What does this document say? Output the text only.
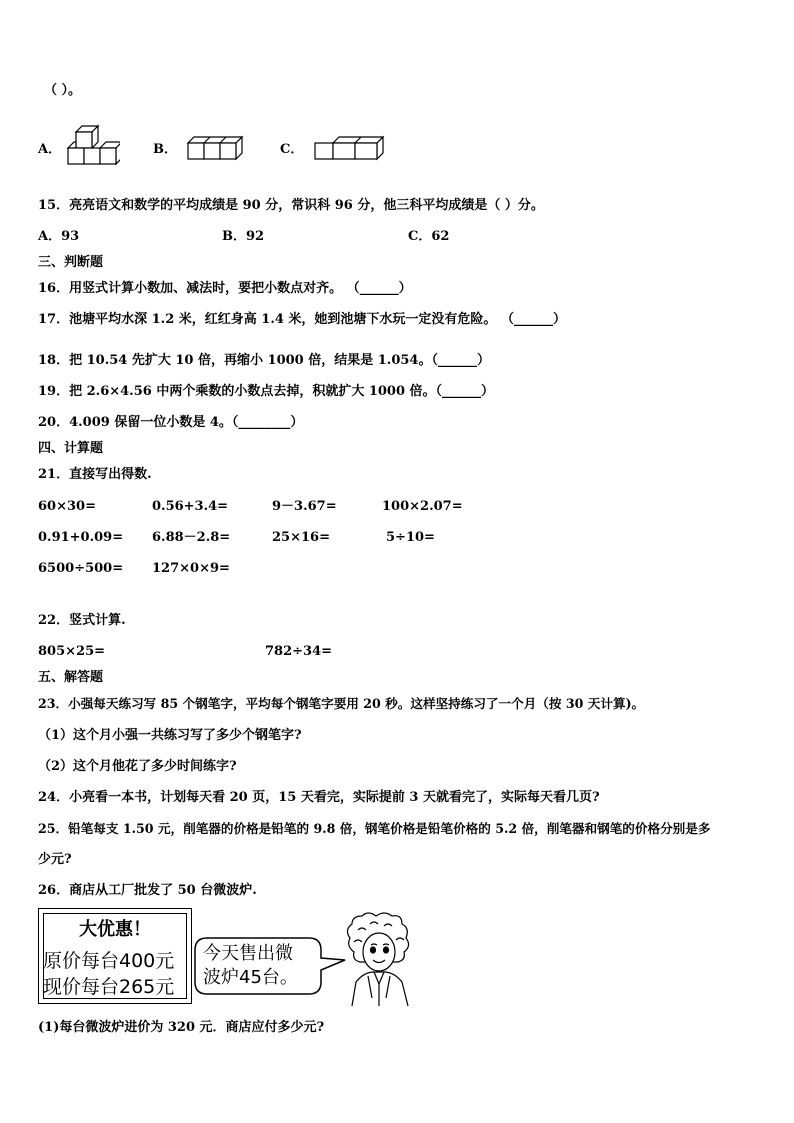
（ ）。
A．	B．	C．
15．亮亮语文和数学的平均成绩是 90 分，常识科 96 分，他三科平均成绩是（ ）分。
A．93	B．92	C．62
三、判断题
16．用竖式计算小数加、减法时，要把小数点对齐。 （______）
17．池塘平均水深 1.2 米，红红身高 1.4 米，她到池塘下水玩一定没有危险。 （______）
18．把 10.54 先扩大 10 倍，再缩小 1000 倍，结果是 1.054。（______）
19．把 2.6×4.56 中两个乘数的小数点去掉，积就扩大 1000 倍。（______）
20．4.009 保留一位小数是 4。（________）
四、计算题
21．直接写出得数.
60×30=	0.56+3.4=	9－3.67=	100×2.07=
0.91+0.09= 6.88－2.8=	25×16=	5÷10=
6500÷500= 127×0×9=
22．竖式计算.
805×25=	782÷34=
五、解答题
23．小强每天练习写 85 个钢笔字，平均每个钢笔字要用 20 秒。这样坚持练习了一个月（按 30 天计算)。
（1）这个月小强一共练习写了多少个钢笔字?
（2）这个月他花了多少时间练字?
24．小亮看一本书，计划每天看 20 页，15 天看完，实际提前 3 天就看完了，实际每天看几页?
25．铅笔每支 1.50 元，削笔器的价格是铅笔的 9.8 倍，钢笔价格是铅笔价格的 5.2 倍，削笔器和钢笔的价格分别是多
少元?
26．商店从工厂批发了 50 台微波炉.
大优惠！
原价每台400元
现价每台265元
今天售出微
波炉45台。
(1)每台微波炉进价为 320 元．商店应付多少元?
